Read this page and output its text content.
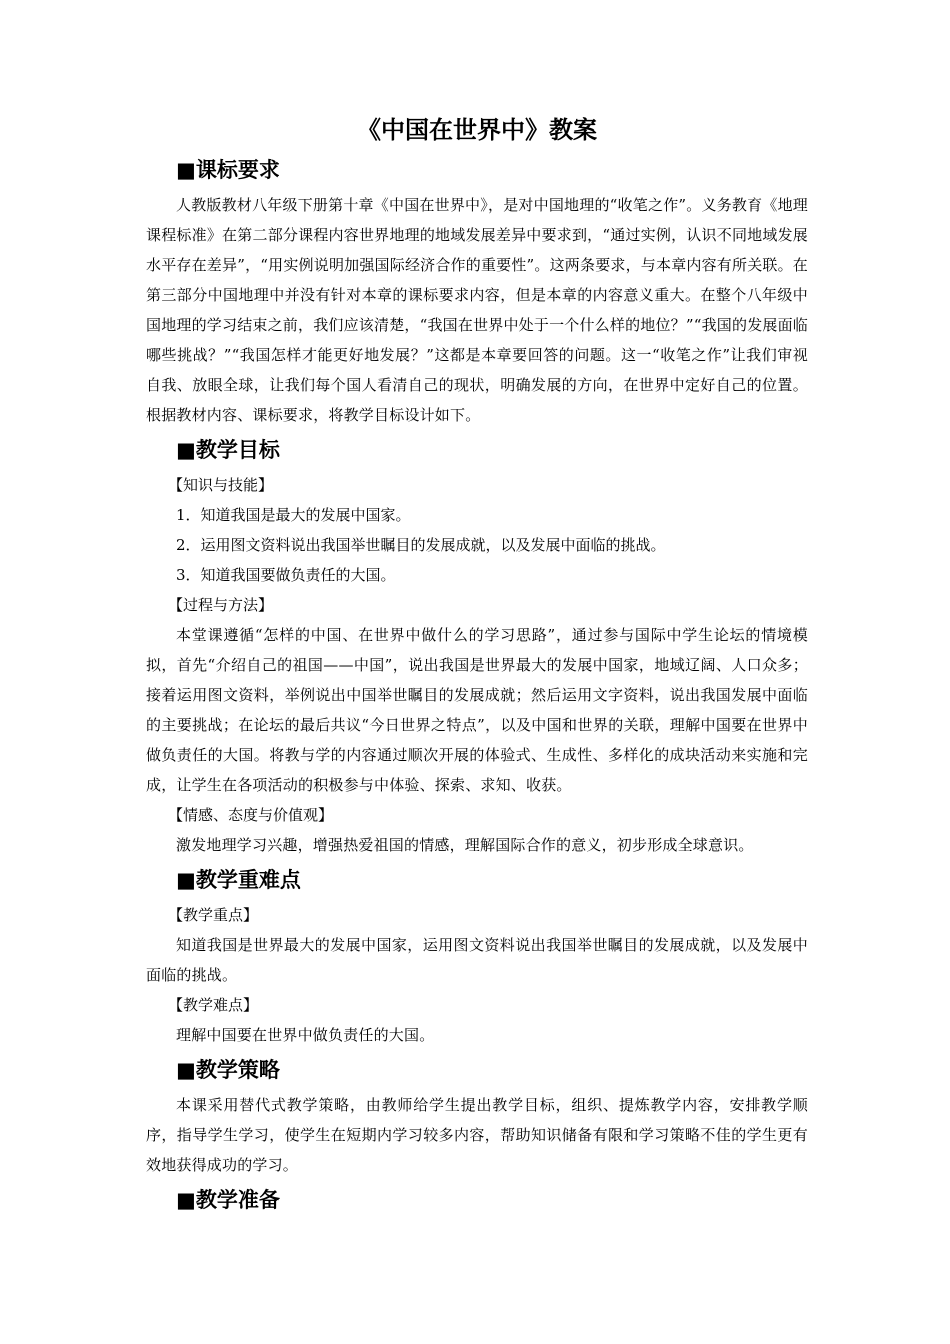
《中国在世界中》教案
■课标要求

人教版教材八年级下册第十章《中国在世界中》，是对中国地理的“收笔之作”。义务教育《地理课程标准》在第二部分课程内容世界地理的地域发展差异中要求到，“通过实例，认识不同地域发展水平存在差异”，“用实例说明加强国际经济合作的重要性”。这两条要求，与本章内容有所关联。在第三部分中国地理中并没有针对本章的课标要求内容，但是本章的内容意义重大。在整个八年级中国地理的学习结束之前，我们应该清楚，“我国在世界中处于一个什么样的地位？”“我国的发展面临哪些挑战？”“我国怎样才能更好地发展？”这都是本章要回答的问题。这一“收笔之作”让我们审视自我、放眼全球，让我们每个国人看清自己的现状，明确发展的方向，在世界中定好自己的位置。根据教材内容、课标要求，将教学目标设计如下。

■教学目标
【知识与技能】
1．知道我国是最大的发展中国家。
2．运用图文资料说出我国举世瞩目的发展成就，以及发展中面临的挑战。
3．知道我国要做负责任的大国。
【过程与方法】

本堂课遵循“怎样的中国、在世界中做什么的学习思路”，通过参与国际中学生论坛的情境模拟，首先“介绍自己的祖国——中国”，说出我国是世界最大的发展中国家，地域辽阔、人口众多；接着运用图文资料，举例说出中国举世瞩目的发展成就；然后运用文字资料，说出我国发展中面临的主要挑战；在论坛的最后共议“今日世界之特点”，以及中国和世界的关联，理解中国要在世界中做负责任的大国。将教与学的内容通过顺次开展的体验式、生成性、多样化的成块活动来实施和完成，让学生在各项活动的积极参与中体验、探索、求知、收获。

【情感、态度与价值观】

激发地理学习兴趣，增强热爱祖国的情感，理解国际合作的意义，初步形成全球意识。

■教学重难点
【教学重点】

知道我国是世界最大的发展中国家，运用图文资料说出我国举世瞩目的发展成就，以及发展中面临的挑战。

【教学难点】

理解中国要在世界中做负责任的大国。

■教学策略

本课采用替代式教学策略，由教师给学生提出教学目标，组织、提炼教学内容，安排教学顺序，指导学生学习，使学生在短期内学习较多内容，帮助知识储备有限和学习策略不佳的学生更有效地获得成功的学习。

■教学准备
